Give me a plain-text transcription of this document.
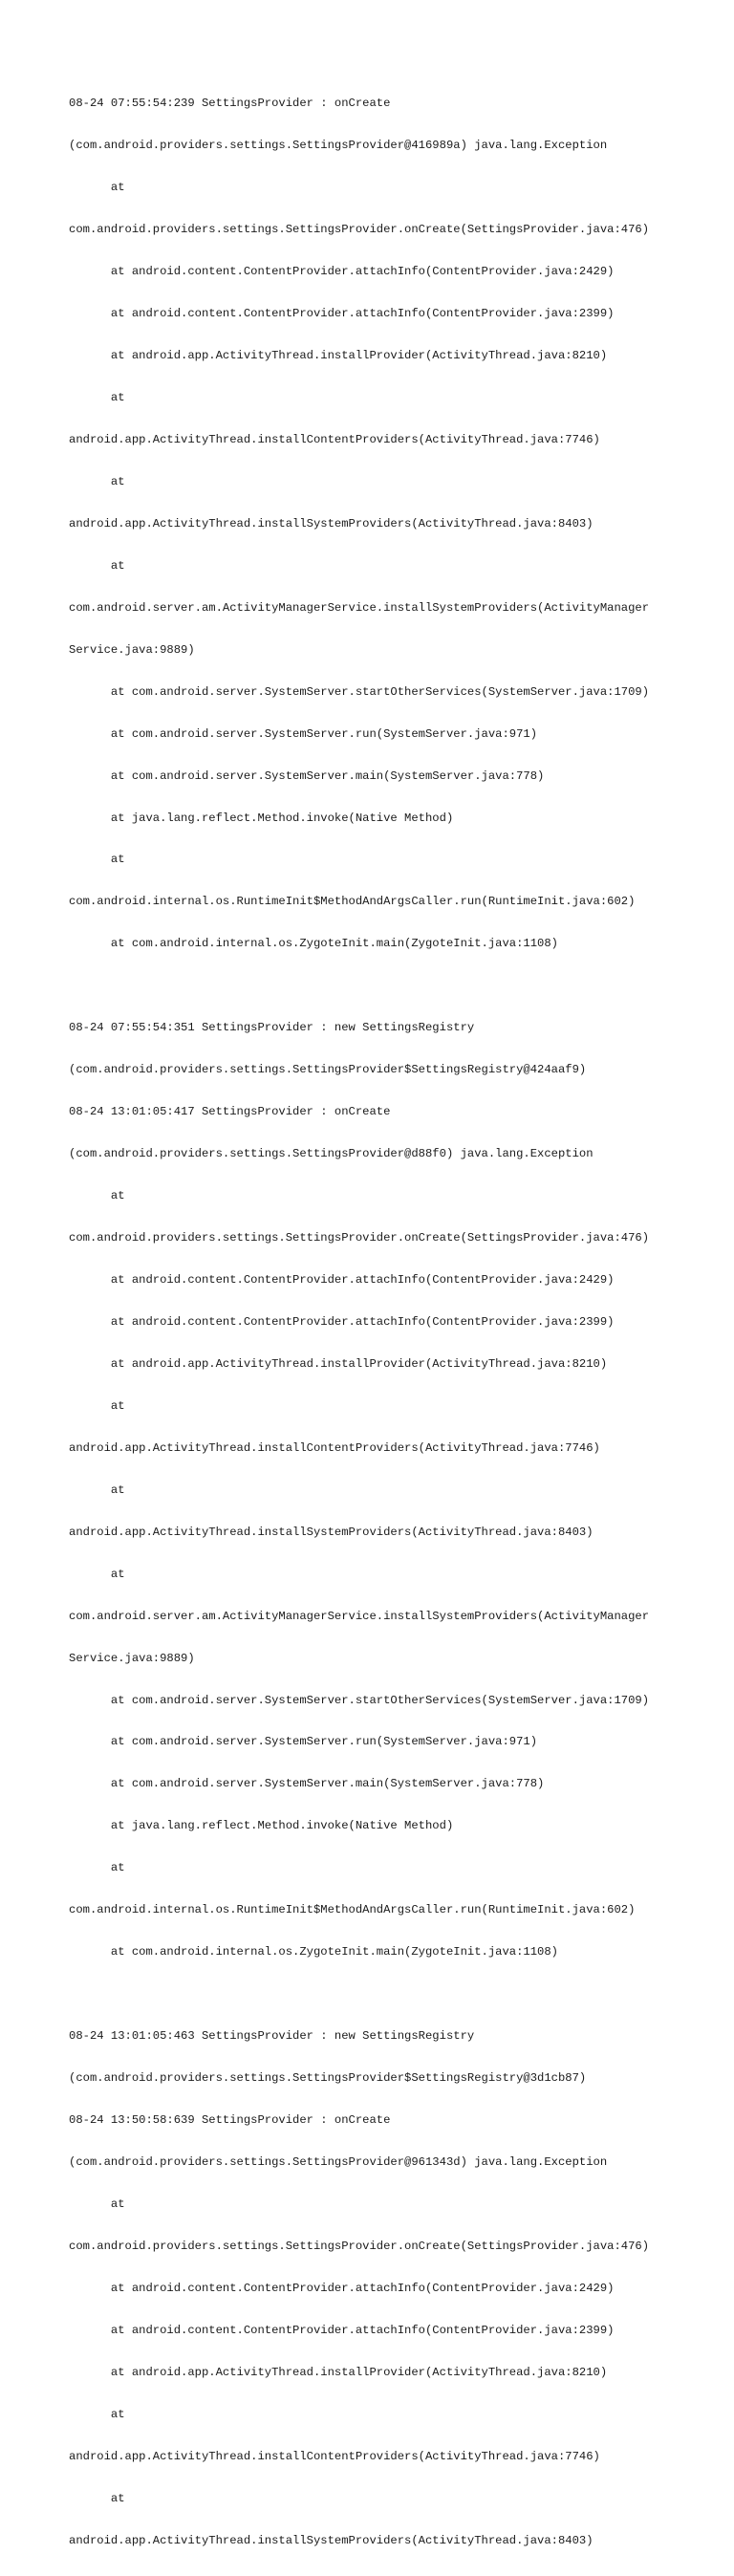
08-24 07:55:54:239 SettingsProvider : onCreate

(com.android.providers.settings.SettingsProvider@416989a) java.lang.Exception

at

com.android.providers.settings.SettingsProvider.onCreate(SettingsProvider.java:476)

at android.content.ContentProvider.attachInfo(ContentProvider.java:2429)

at android.content.ContentProvider.attachInfo(ContentProvider.java:2399)

at android.app.ActivityThread.installProvider(ActivityThread.java:8210)

at

android.app.ActivityThread.installContentProviders(ActivityThread.java:7746)

at

android.app.ActivityThread.installSystemProviders(ActivityThread.java:8403)

at

com.android.server.am.ActivityManagerService.installSystemProviders(ActivityManager

Service.java:9889)

at com.android.server.SystemServer.startOtherServices(SystemServer.java:1709)

at com.android.server.SystemServer.run(SystemServer.java:971)

at com.android.server.SystemServer.main(SystemServer.java:778)

at java.lang.reflect.Method.invoke(Native Method)

at

com.android.internal.os.RuntimeInit$MethodAndArgsCaller.run(RuntimeInit.java:602)

at com.android.internal.os.ZygoteInit.main(ZygoteInit.java:1108)

08-24 07:55:54:351 SettingsProvider : new SettingsRegistry

(com.android.providers.settings.SettingsProvider$SettingsRegistry@424aaf9)

08-24 13:01:05:417 SettingsProvider : onCreate

(com.android.providers.settings.SettingsProvider@d88f0) java.lang.Exception

at

com.android.providers.settings.SettingsProvider.onCreate(SettingsProvider.java:476)

at android.content.ContentProvider.attachInfo(ContentProvider.java:2429)

at android.content.ContentProvider.attachInfo(ContentProvider.java:2399)

at android.app.ActivityThread.installProvider(ActivityThread.java:8210)

at

android.app.ActivityThread.installContentProviders(ActivityThread.java:7746)

at

android.app.ActivityThread.installSystemProviders(ActivityThread.java:8403)

at

com.android.server.am.ActivityManagerService.installSystemProviders(ActivityManager

Service.java:9889)

at com.android.server.SystemServer.startOtherServices(SystemServer.java:1709)

at com.android.server.SystemServer.run(SystemServer.java:971)

at com.android.server.SystemServer.main(SystemServer.java:778)

at java.lang.reflect.Method.invoke(Native Method)

at

com.android.internal.os.RuntimeInit$MethodAndArgsCaller.run(RuntimeInit.java:602)

at com.android.internal.os.ZygoteInit.main(ZygoteInit.java:1108)

08-24 13:01:05:463 SettingsProvider : new SettingsRegistry

(com.android.providers.settings.SettingsProvider$SettingsRegistry@3d1cb87)

08-24 13:50:58:639 SettingsProvider : onCreate

(com.android.providers.settings.SettingsProvider@961343d) java.lang.Exception

at

com.android.providers.settings.SettingsProvider.onCreate(SettingsProvider.java:476)

at android.content.ContentProvider.attachInfo(ContentProvider.java:2429)

at android.content.ContentProvider.attachInfo(ContentProvider.java:2399)

at android.app.ActivityThread.installProvider(ActivityThread.java:8210)

at

android.app.ActivityThread.installContentProviders(ActivityThread.java:7746)

at

android.app.ActivityThread.installSystemProviders(ActivityThread.java:8403)
